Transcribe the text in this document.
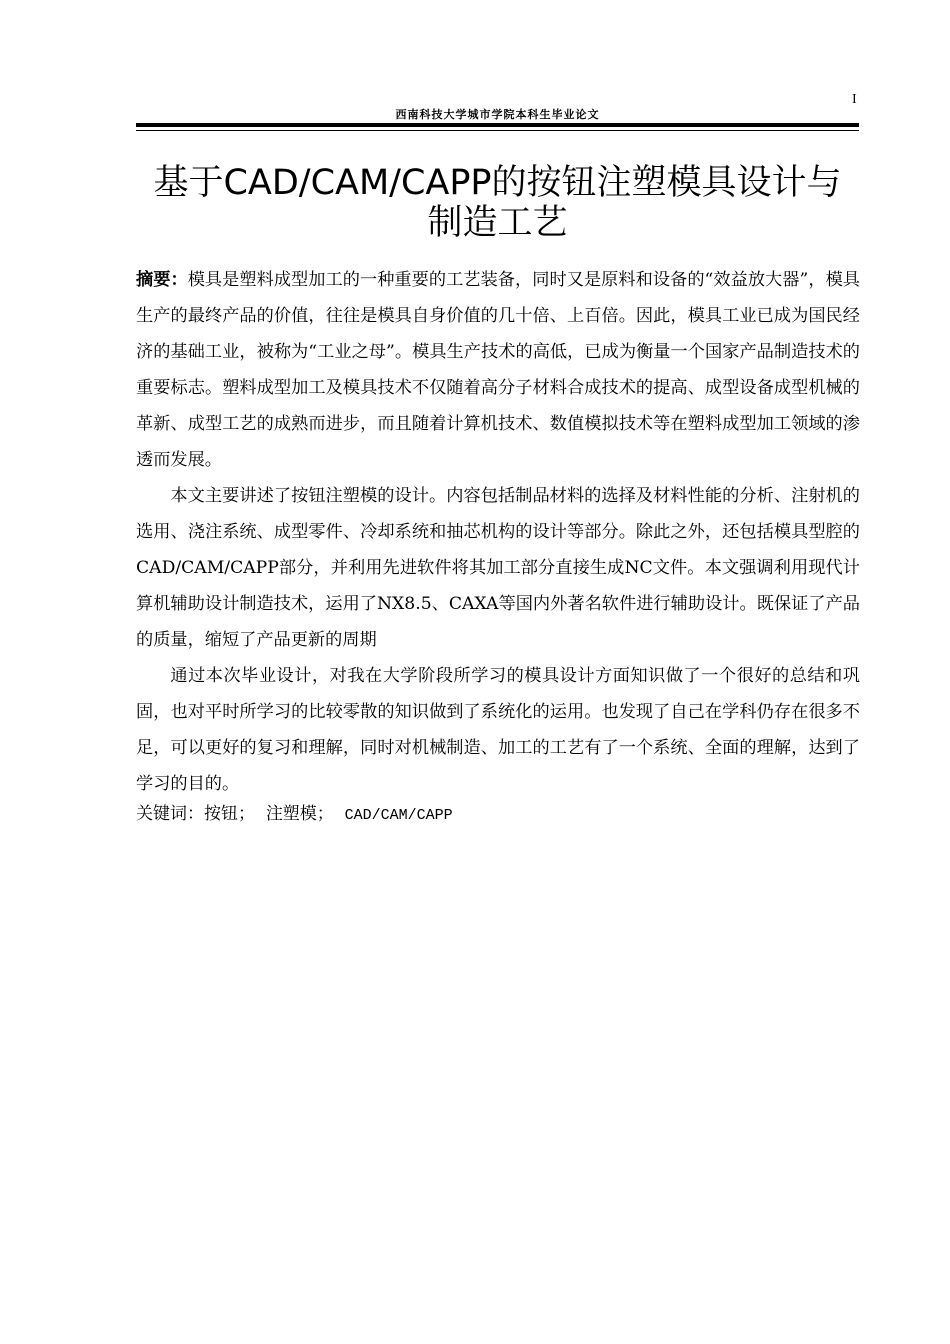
I
西南科技大学城市学院本科生毕业论文
基于CAD/CAM/CAPP的按钮注塑模具设计与
制造工艺

摘要：模具是塑料成型加工的一种重要的工艺装备，同时又是原料和设备的“效益放大器”，模具生产的最终产品的价值，往往是模具自身价值的几十倍、上百倍。因此，模具工业已成为国民经济的基础工业，被称为“工业之母”。模具生产技术的高低，已成为衡量一个国家产品制造技术的重要标志。塑料成型加工及模具技术不仅随着高分子材料合成技术的提高、成型设备成型机械的革新、成型工艺的成熟而进步，而且随着计算机技术、数值模拟技术等在塑料成型加工领域的渗透而发展。

本文主要讲述了按钮注塑模的设计。内容包括制品材料的选择及材料性能的分析、注射机的选用、浇注系统、成型零件、冷却系统和抽芯机构的设计等部分。除此之外，还包括模具型腔的CAD/CAM/CAPP部分，并利用先进软件将其加工部分直接生成NC文件。本文强调利用现代计算机辅助设计制造技术，运用了NX8.5、CAXA等国内外著名软件进行辅助设计。既保证了产品的质量，缩短了产品更新的周期

通过本次毕业设计，对我在大学阶段所学习的模具设计方面知识做了一个很好的总结和巩固，也对平时所学习的比较零散的知识做到了系统化的运用。也发现了自己在学科仍存在很多不足，可以更好的复习和理解，同时对机械制造、加工的工艺有了一个系统、全面的理解，达到了学习的目的。

关键词：按钮； 注塑模； CAD/CAM/CAPP
